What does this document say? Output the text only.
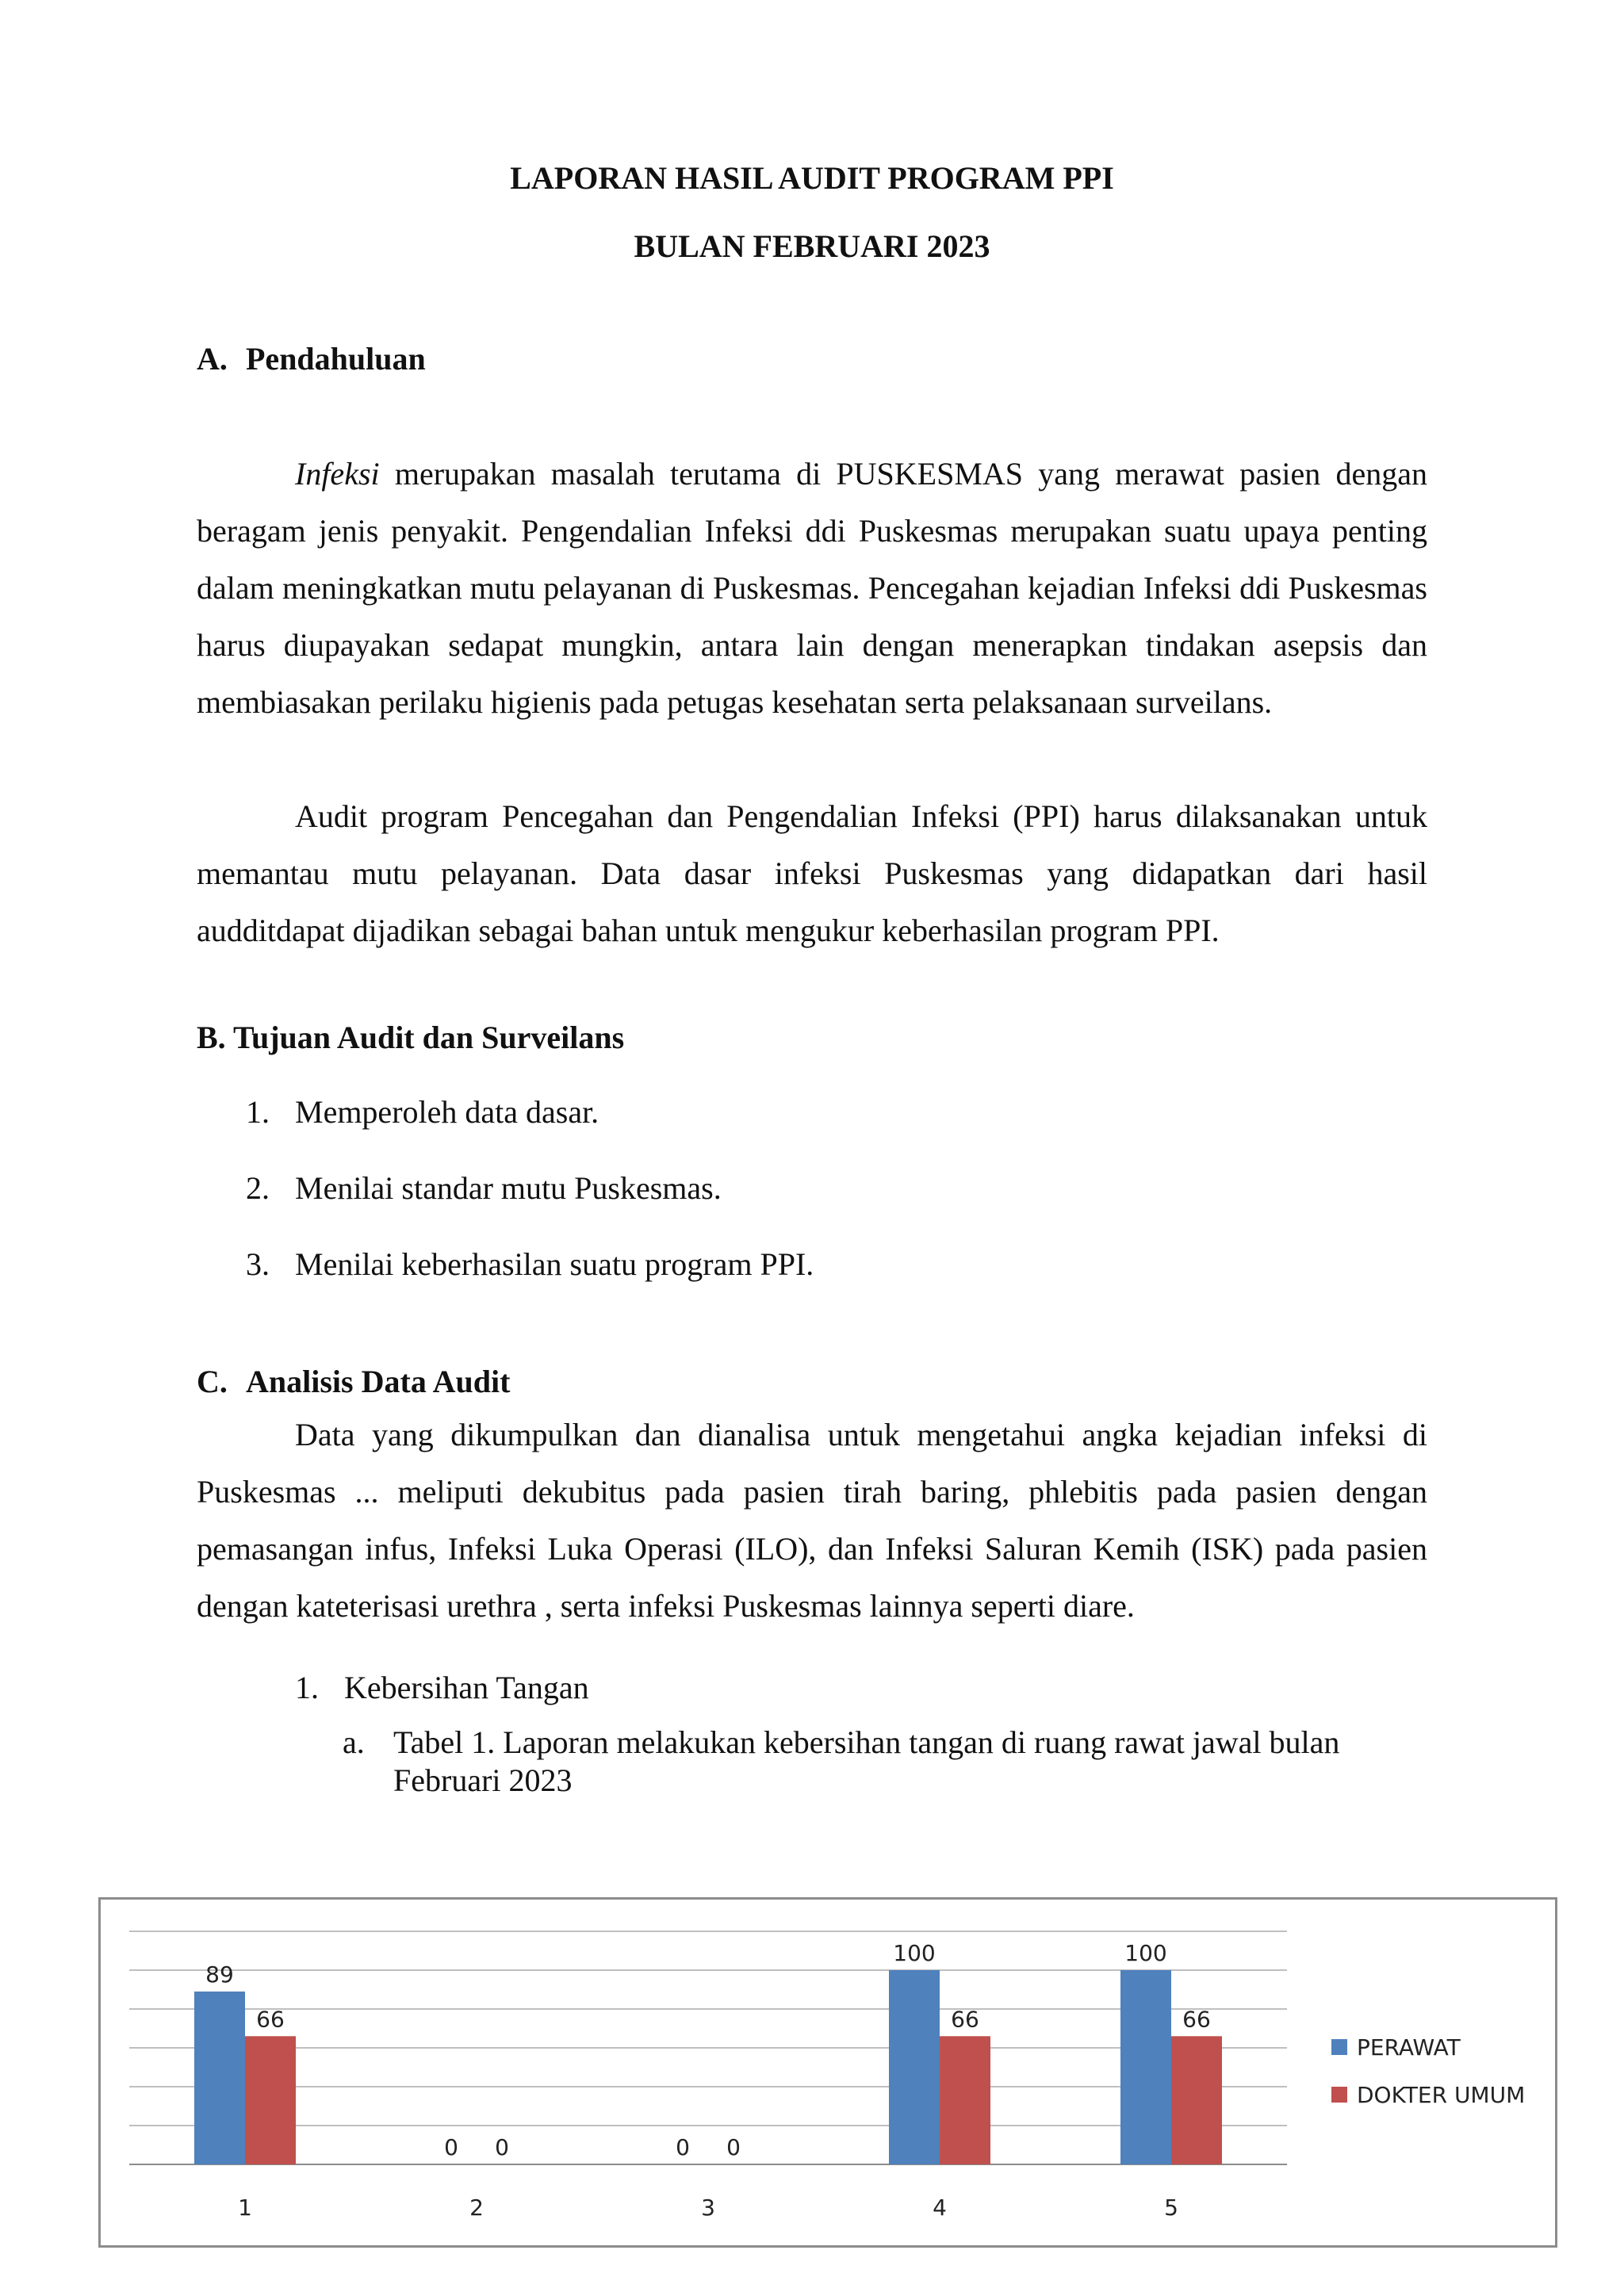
LAPORAN HASIL AUDIT PROGRAM PPI

BULAN FEBRUARI 2023

A. Pendahuluan

Infeksi merupakan masalah terutama di PUSKESMAS yang merawat pasien dengan beragam jenis penyakit. Pengendalian Infeksi ddi Puskesmas merupakan suatu upaya penting dalam meningkatkan mutu pelayanan di Puskesmas. Pencegahan kejadian Infeksi ddi Puskesmas harus diupayakan sedapat mungkin, antara lain dengan menerapkan tindakan asepsis dan membiasakan perilaku higienis pada petugas kesehatan serta pelaksanaan surveilans.

Audit program Pencegahan dan Pengendalian Infeksi (PPI) harus dilaksanakan untuk memantau mutu pelayanan. Data dasar infeksi Puskesmas yang didapatkan dari hasil audditdapat dijadikan sebagai bahan untuk mengukur keberhasilan program PPI.

B. Tujuan Audit dan Surveilans

1. Memperoleh data dasar.

2. Menilai standar mutu Puskesmas.

3. Menilai keberhasilan suatu program PPI.

C. Analisis Data Audit

Data yang dikumpulkan dan dianalisa untuk mengetahui angka kejadian infeksi di Puskesmas ... meliputi dekubitus pada pasien tirah baring, phlebitis pada pasien dengan pemasangan infus, Infeksi Luka Operasi (ILO), dan Infeksi Saluran Kemih (ISK) pada pasien dengan kateterisasi urethra , serta infeksi Puskesmas lainnya seperti diare.

1. Kebersihan Tangan

a. Tabel 1. Laporan melakukan kebersihan tangan di ruang rawat jawal bulan Februari 2023

89
66
1
0 0
2
0 0
3
100
66
4
100
66
5
PERAWAT
DOKTER UMUM
